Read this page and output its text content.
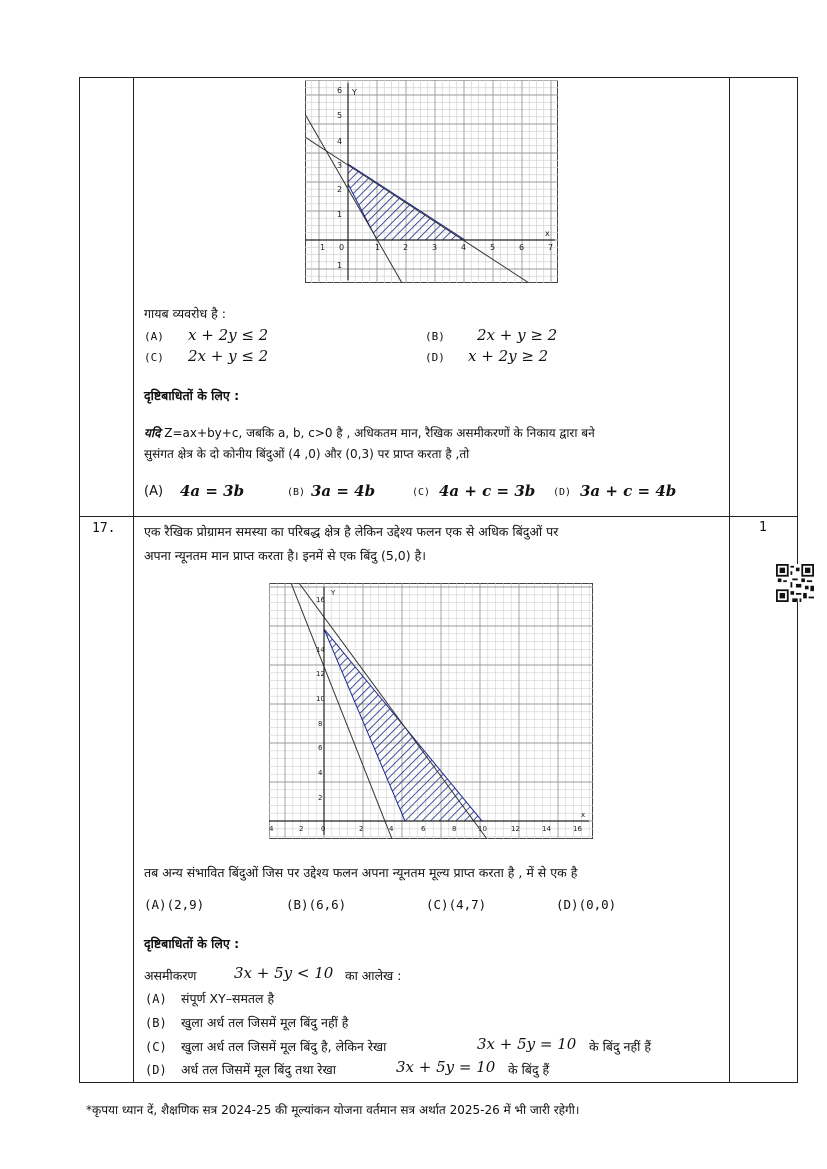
Y
x
1 0	1	2	3	4	5	6	7
6
5
4
3
2
1
1
गायब व्यवरोध है :
(A) x + 2y ≤ 2	(B) 2x + y ≥ 2
(C) 2x + y ≤ 2	(D) x + 2y ≥ 2
दृष्टिबाधितों के लिए :
यदि Z=ax+by+c, जबकि a, b, c>0 है , अधिकतम मान, रैखिक असमीकरणों के निकाय द्वारा बने
सुसंगत क्षेत्र के दो कोनीय बिंदुओं (4 ,0) और (0,3) पर प्राप्त करता है ,तो
(A) 4a = 3b	(B) 3a = 4b	(C) 4a + c = 3b (D) 3a + c = 4b
17.	1
एक रैखिक प्रोग्रामन समस्या का परिबद्ध क्षेत्र है लेकिन उद्देश्य फलन एक से अधिक बिंदुओं पर
अपना न्यूनतम मान प्राप्त करता है। इनमें से एक बिंदु (5,0) है।
Y
x
4	2	0	2	4	6	8	10	12	14	16
16
14
12
10
8
6
4
2
तब अन्य संभावित बिंदुओं जिस पर उद्देश्य फलन अपना न्यूनतम मूल्य प्राप्त करता है , में से एक है
(A)(2,9)	(B)(6,6)	(C)(4,7)	(D)(0,0)
दृष्टिबाधितों के लिए :
असमीकरण	3x + 5y < 10 का आलेख :
(A) संपूर्ण XY–समतल है
(B) खुला अर्ध तल जिसमें मूल बिंदु नहीं है
(C) खुला अर्ध तल जिसमें मूल बिंदु है, लेकिन रेखा	3x + 5y = 10 के बिंदु नहीं हैं
(D) अर्ध तल जिसमें मूल बिंदु तथा रेखा	3x + 5y = 10 के बिंदु हैं
*कृपया ध्यान दें, शैक्षणिक सत्र 2024-25 की मूल्यांकन योजना वर्तमान सत्र अर्थात 2025-26 में भी जारी रहेगी।
